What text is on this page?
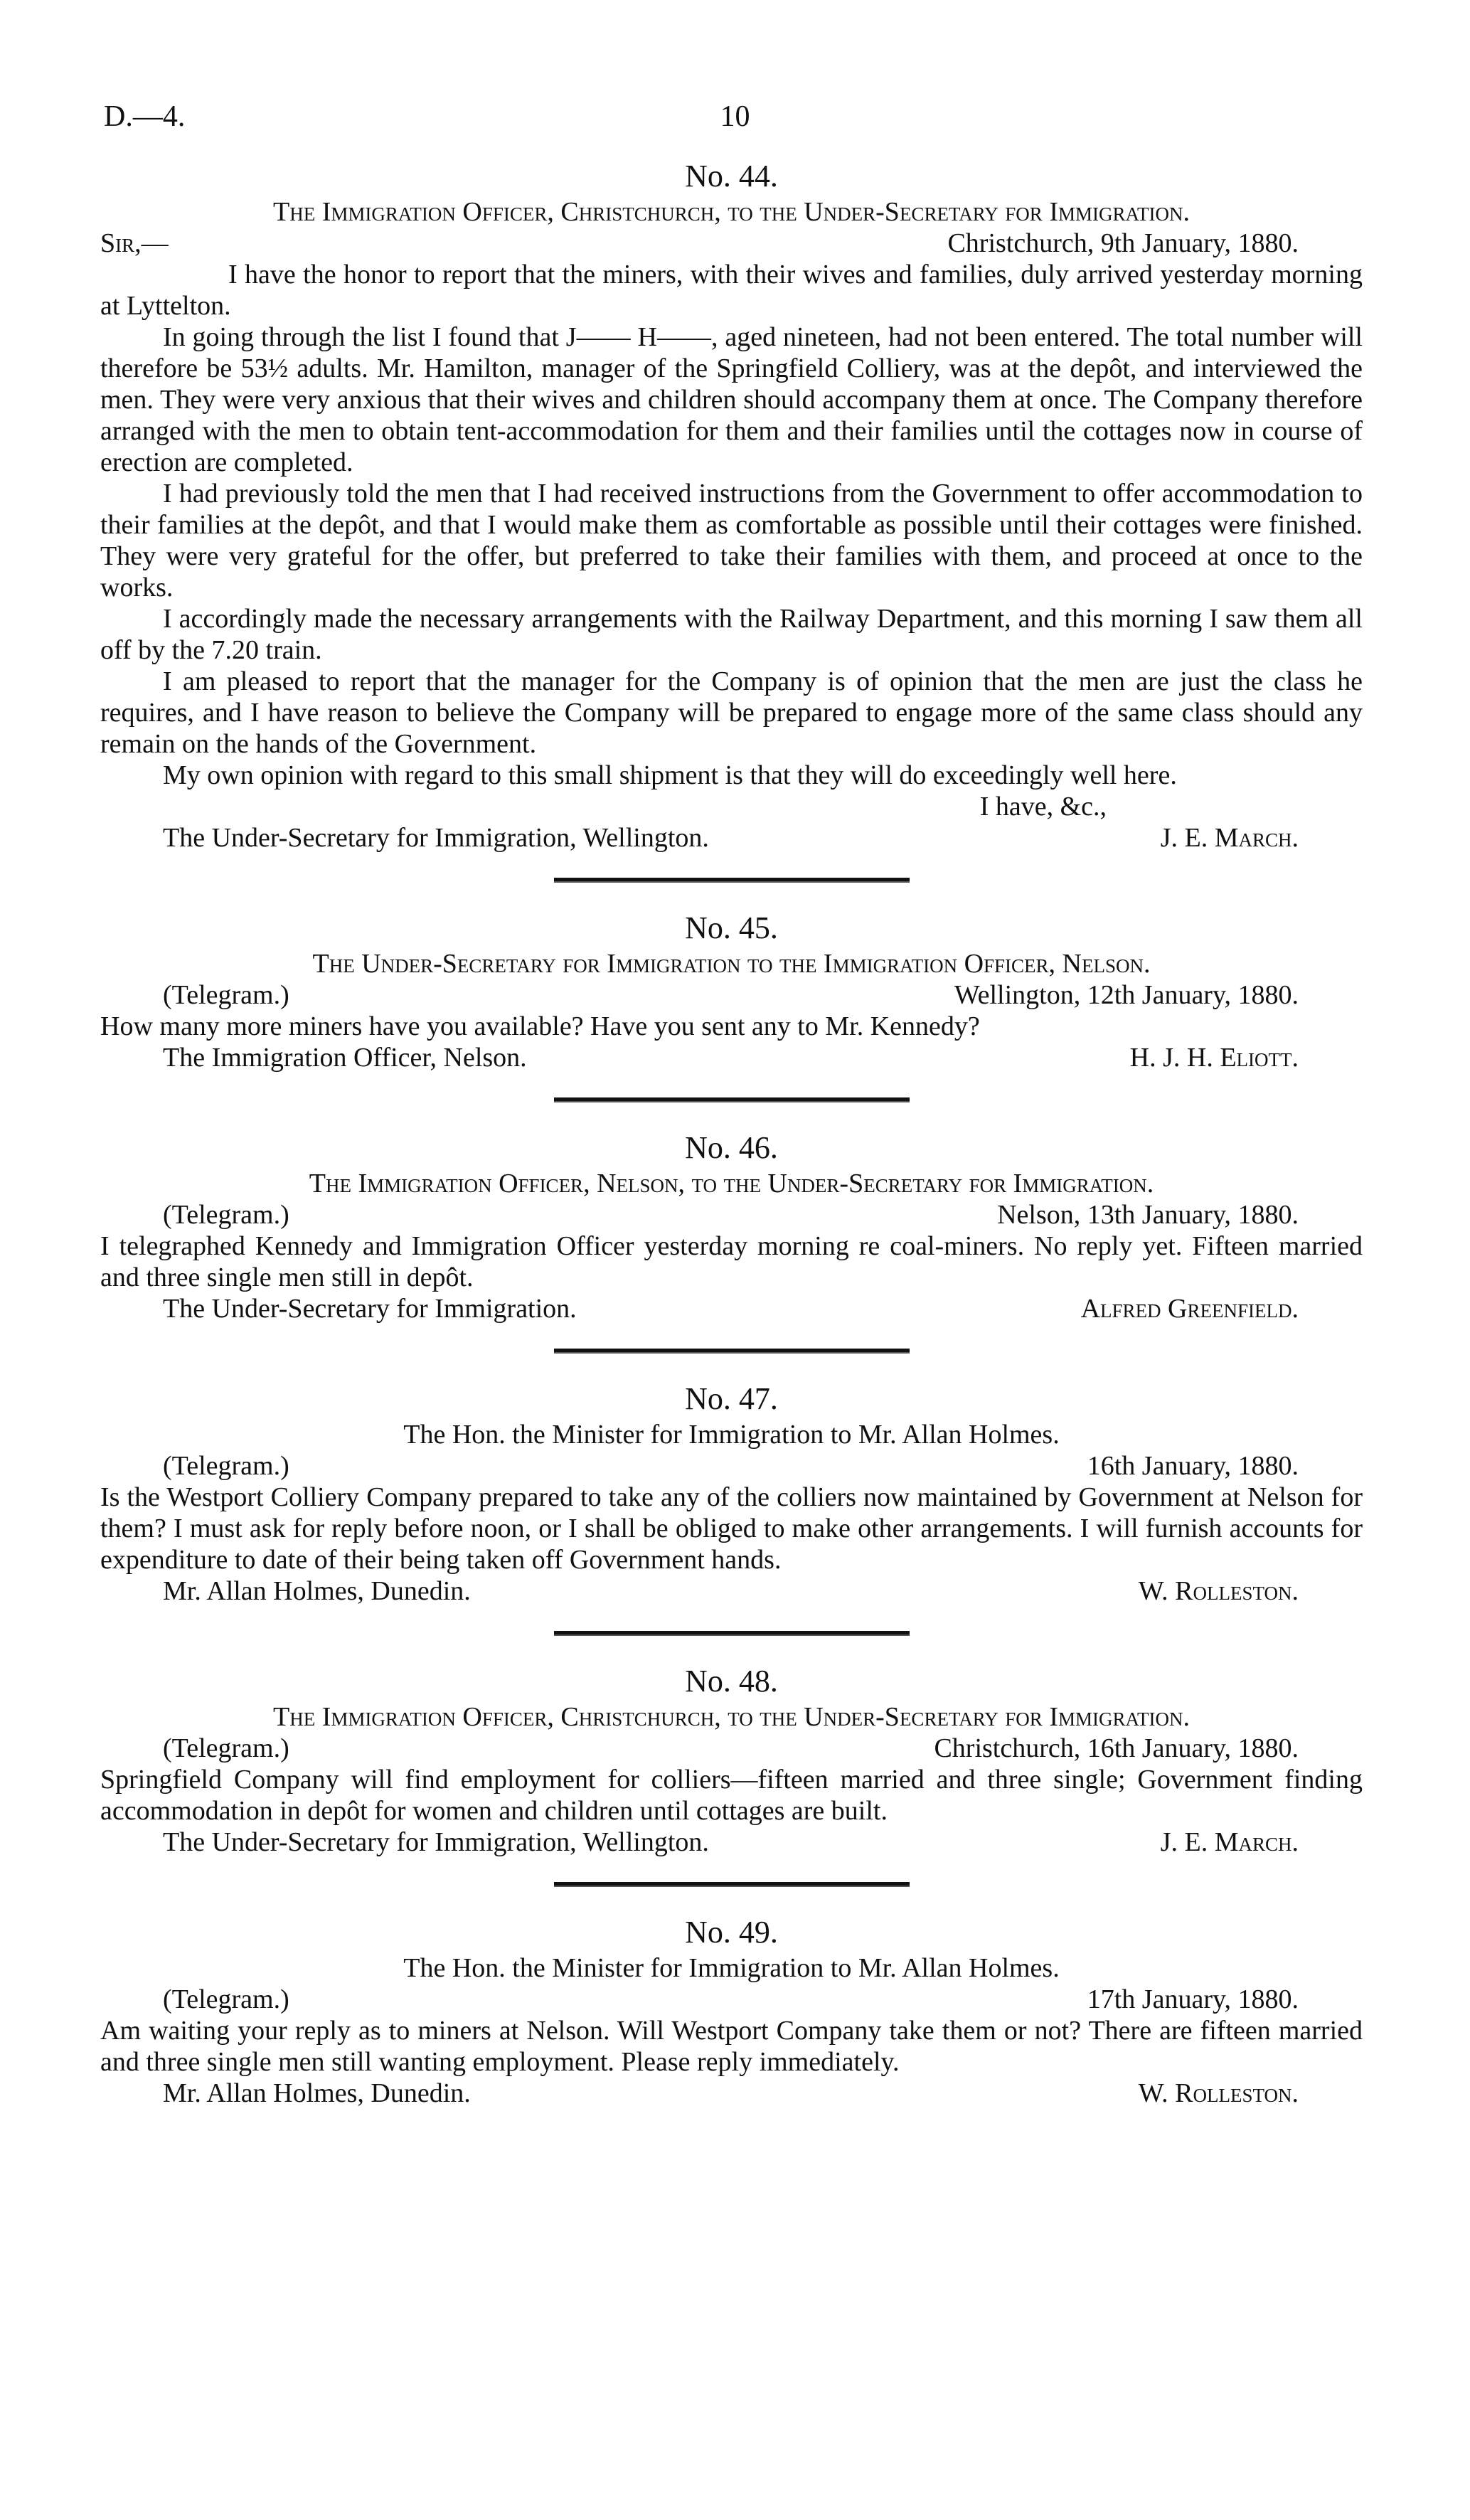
10
D.—4.
No. 44.
The Immigration Officer, Christchurch, to the Under-Secretary for Immigration.
Sir,—	Christchurch, 9th January, 1880.

I have the honor to report that the miners, with their wives and families, duly arrived yesterday morning at Lyttelton.

In going through the list I found that J—— H——, aged nineteen, had not been entered. The total number will therefore be 53½ adults. Mr. Hamilton, manager of the Springfield Colliery, was at the depôt, and interviewed the men. They were very anxious that their wives and children should accompany them at once. The Company therefore arranged with the men to obtain tent-accommodation for them and their families until the cottages now in course of erection are completed.

I had previously told the men that I had received instructions from the Government to offer accommodation to their families at the depôt, and that I would make them as comfortable as possible until their cottages were finished. They were very grateful for the offer, but preferred to take their families with them, and proceed at once to the works.

I accordingly made the necessary arrangements with the Railway Department, and this morning I saw them all off by the 7.20 train.

I am pleased to report that the manager for the Company is of opinion that the men are just the class he requires, and I have reason to believe the Company will be prepared to engage more of the same class should any remain on the hands of the Government.

My own opinion with regard to this small shipment is that they will do exceedingly well here.

I have, &c.,
The Under-Secretary for Immigration, Wellington.	J. E. March.
No. 45.
The Under-Secretary for Immigration to the Immigration Officer, Nelson.
(Telegram.)	Wellington, 12th January, 1880.

How many more miners have you available? Have you sent any to Mr. Kennedy?

The Immigration Officer, Nelson.	H. J. H. Eliott.
No. 46.
The Immigration Officer, Nelson, to the Under-Secretary for Immigration.
(Telegram.)	Nelson, 13th January, 1880.

I telegraphed Kennedy and Immigration Officer yesterday morning re coal-miners. No reply yet. Fifteen married and three single men still in depôt.

The Under-Secretary for Immigration.	Alfred Greenfield.
No. 47.
The Hon. the Minister for Immigration to Mr. Allan Holmes.
(Telegram.)	16th January, 1880.

Is the Westport Colliery Company prepared to take any of the colliers now maintained by Government at Nelson for them? I must ask for reply before noon, or I shall be obliged to make other arrangements. I will furnish accounts for expenditure to date of their being taken off Government hands.

Mr. Allan Holmes, Dunedin.	W. Rolleston.
No. 48.
The Immigration Officer, Christchurch, to the Under-Secretary for Immigration.
(Telegram.)	Christchurch, 16th January, 1880.

Springfield Company will find employment for colliers—fifteen married and three single; Government finding accommodation in depôt for women and children until cottages are built.

The Under-Secretary for Immigration, Wellington.	J. E. March.
No. 49.
The Hon. the Minister for Immigration to Mr. Allan Holmes.
(Telegram.)	17th January, 1880.

Am waiting your reply as to miners at Nelson. Will Westport Company take them or not? There are fifteen married and three single men still wanting employment. Please reply immediately.

Mr. Allan Holmes, Dunedin.	W. Rolleston.
